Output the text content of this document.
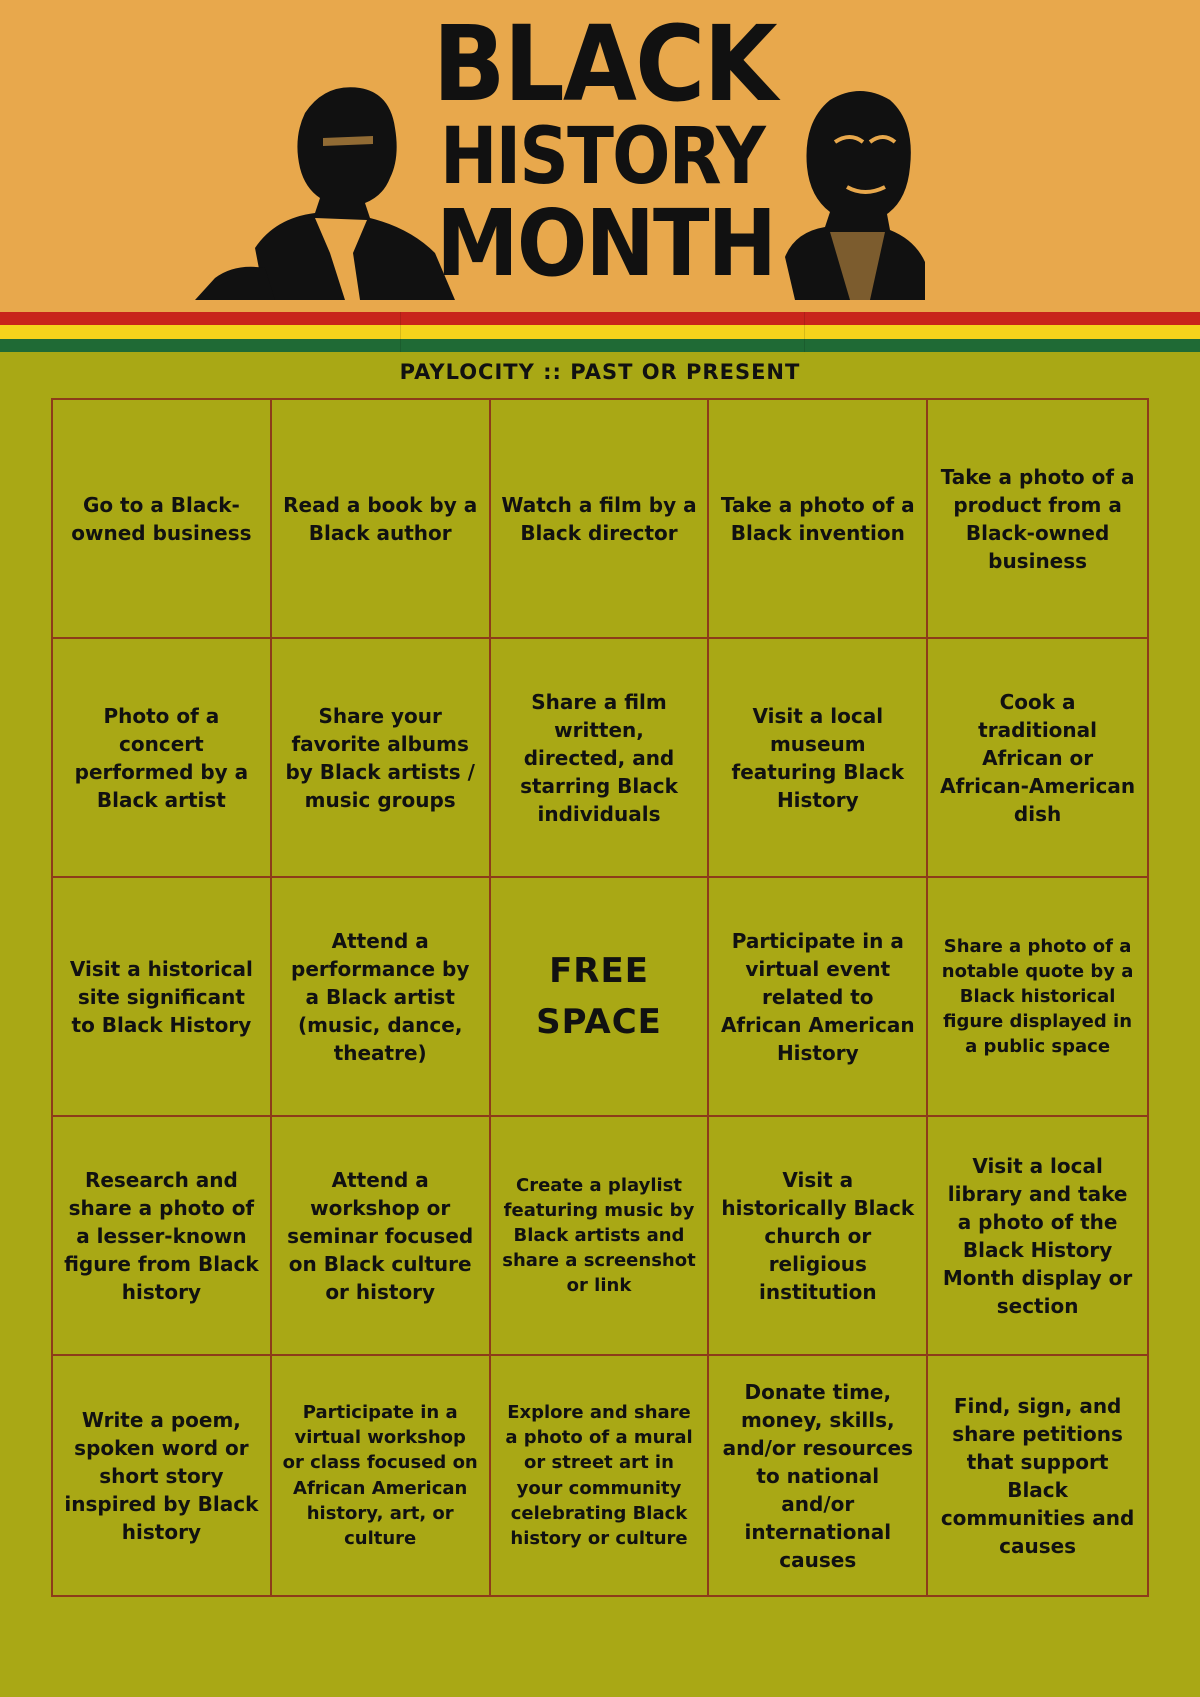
BLACK
HISTORY
MONTH
PAYLOCITY :: PAST OR PRESENT
Go to a Black-owned business
Read a book by a Black author
Watch a film by a Black director
Take a photo of a Black invention
Take a photo of a product from a Black-owned business
Photo of a concert performed by a Black artist
Share your favorite albums by Black artists / music groups
Share a film written, directed, and starring Black individuals
Visit a local museum featuring Black History
Cook a traditional African or African-American dish
Visit a historical site significant to Black History
Attend a performance by a Black artist (music, dance, theatre)
FREE SPACE
Participate in a virtual event related to African American History
Share a photo of a notable quote by a Black historical figure displayed in a public space
Research and share a photo of a lesser-known figure from Black history
Attend a workshop or seminar focused on Black culture or history
Create a playlist featuring music by Black artists and share a screenshot or link
Visit a historically Black church or religious institution
Visit a local library and take a photo of the Black History Month display or section
Write a poem, spoken word or short story inspired by Black history
Participate in a virtual workshop or class focused on African American history, art, or culture
Explore and share a photo of a mural or street art in your community celebrating Black history or culture
Donate time, money, skills, and/or resources to national and/or international causes
Find, sign, and share petitions that support Black communities and causes
